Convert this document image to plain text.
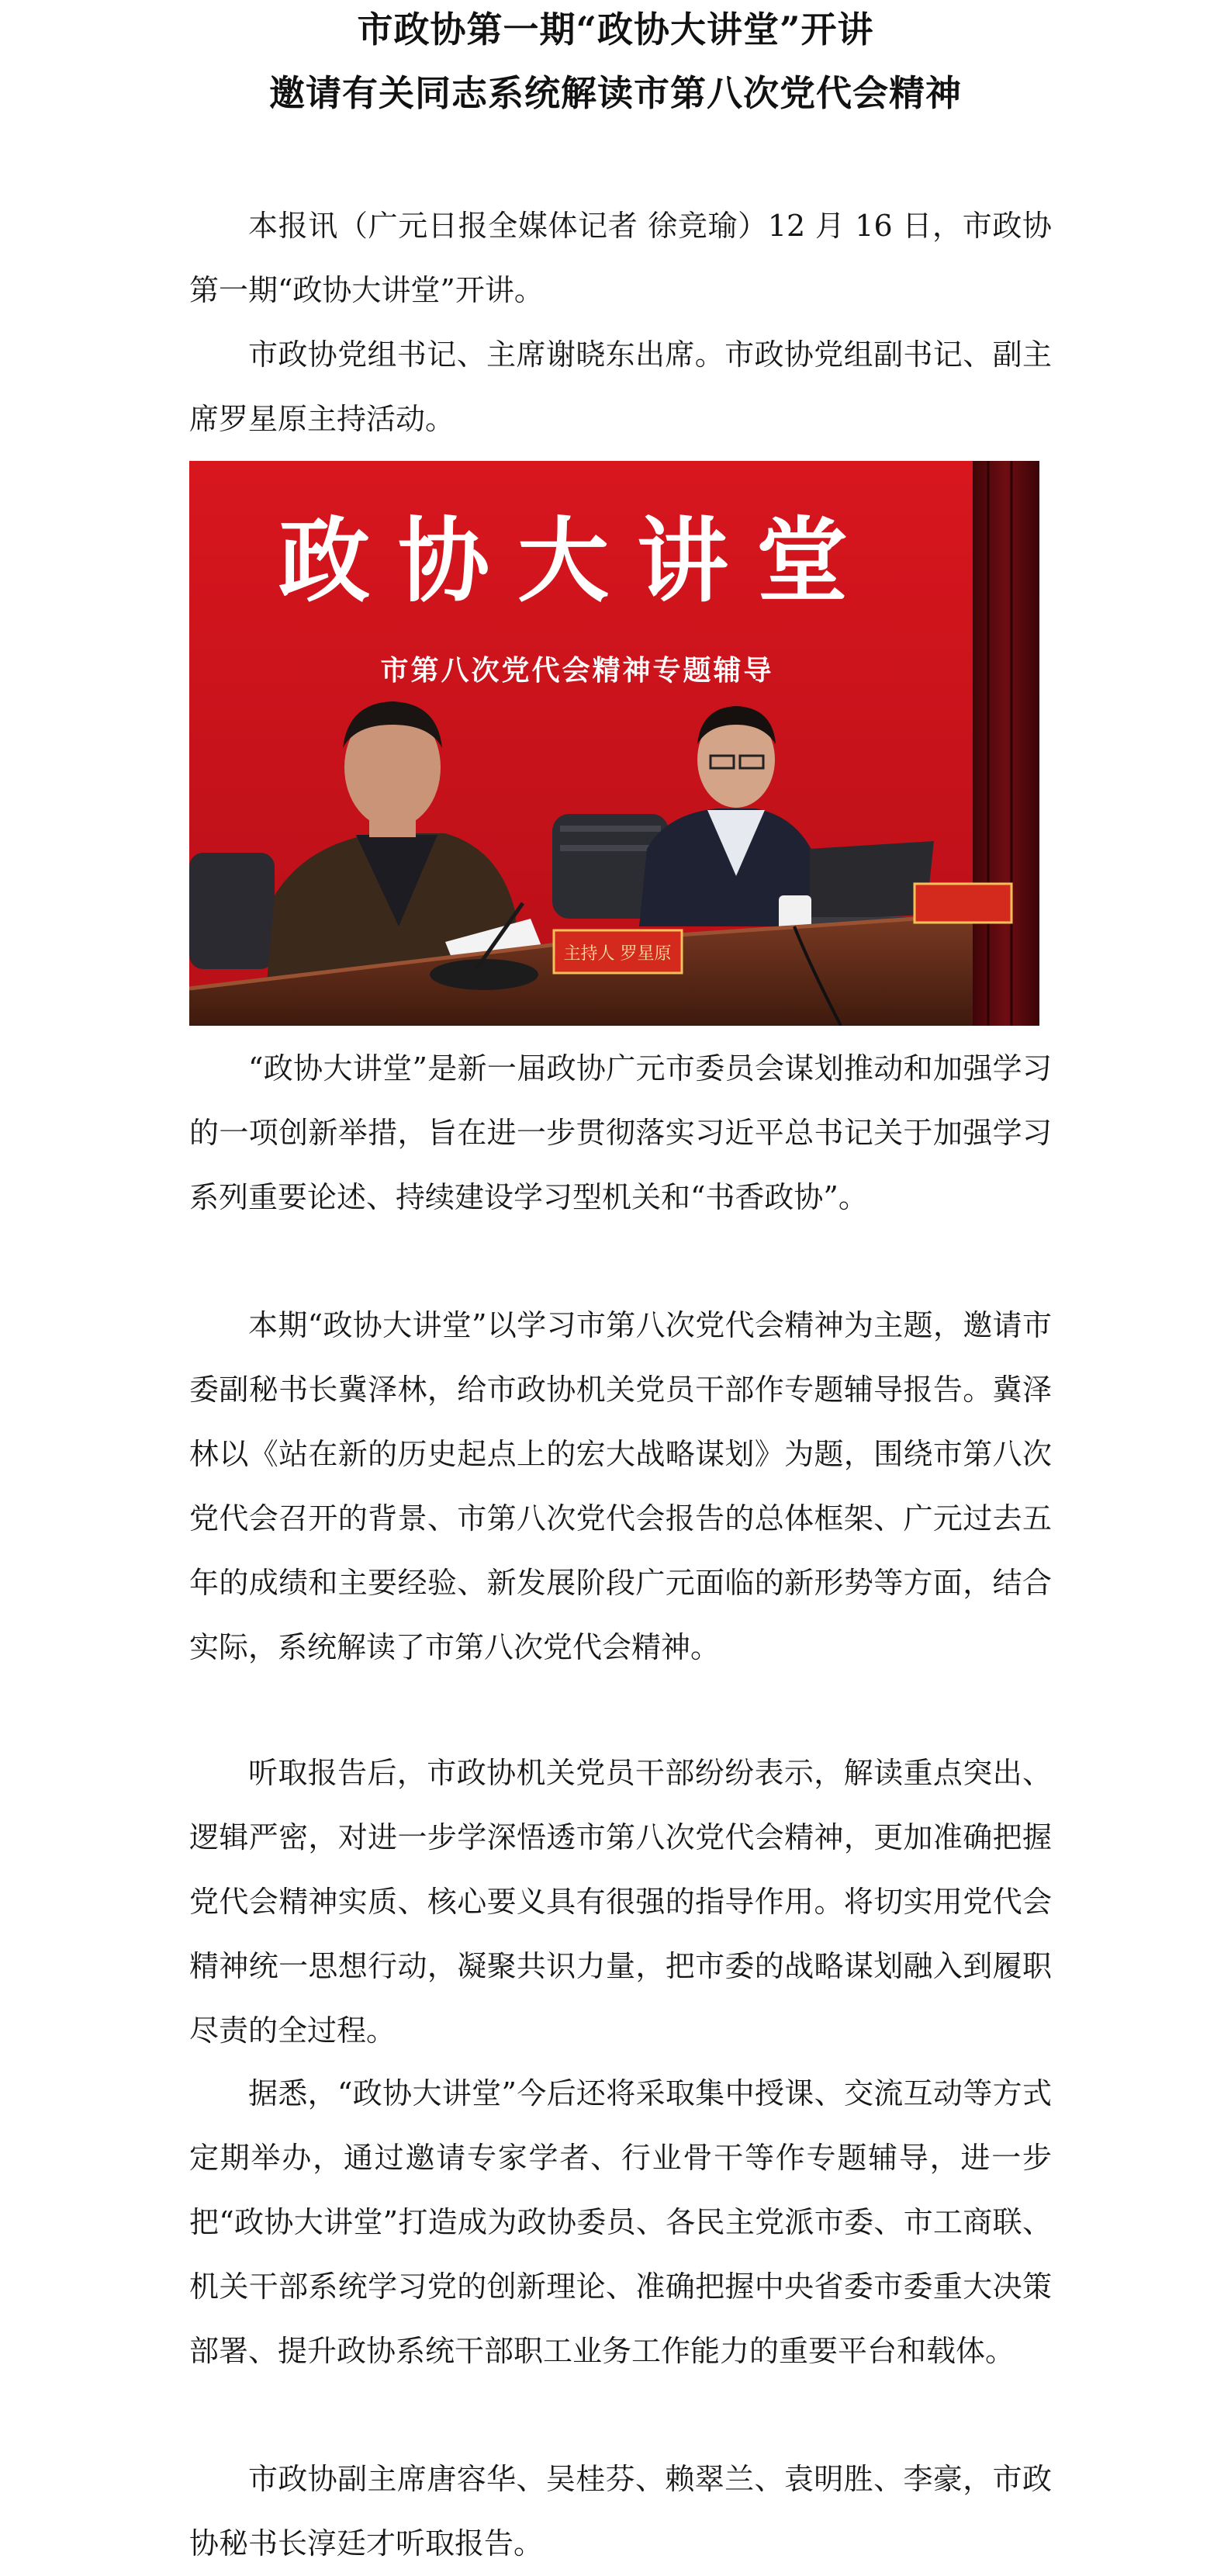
市政协第一期“政协大讲堂”开讲
邀请有关同志系统解读市第八次党代会精神

本报讯（广元日报全媒体记者 徐竞瑜）12 月 16 日，市政协第一期“政协大讲堂”开讲。

市政协党组书记、主席谢晓东出席。市政协党组副书记、副主席罗星原主持活动。

政协大讲堂
市第八次党代会精神专题辅导
主持人 罗星原

“政协大讲堂”是新一届政协广元市委员会谋划推动和加强学习的一项创新举措，旨在进一步贯彻落实习近平总书记关于加强学习系列重要论述、持续建设学习型机关和“书香政协”。

本期“政协大讲堂”以学习市第八次党代会精神为主题，邀请市委副秘书长冀泽林，给市政协机关党员干部作专题辅导报告。冀泽林以《站在新的历史起点上的宏大战略谋划》为题，围绕市第八次党代会召开的背景、市第八次党代会报告的总体框架、广元过去五年的成绩和主要经验、新发展阶段广元面临的新形势等方面，结合实际，系统解读了市第八次党代会精神。

听取报告后，市政协机关党员干部纷纷表示，解读重点突出、逻辑严密，对进一步学深悟透市第八次党代会精神，更加准确把握党代会精神实质、核心要义具有很强的指导作用。将切实用党代会精神统一思想行动，凝聚共识力量，把市委的战略谋划融入到履职尽责的全过程。

据悉，“政协大讲堂”今后还将采取集中授课、交流互动等方式定期举办，通过邀请专家学者、行业骨干等作专题辅导，进一步把“政协大讲堂”打造成为政协委员、各民主党派市委、市工商联、机关干部系统学习党的创新理论、准确把握中央省委市委重大决策部署、提升政协系统干部职工业务工作能力的重要平台和载体。

市政协副主席唐容华、吴桂芬、赖翠兰、袁明胜、李豪，市政协秘书长淳廷才听取报告。
